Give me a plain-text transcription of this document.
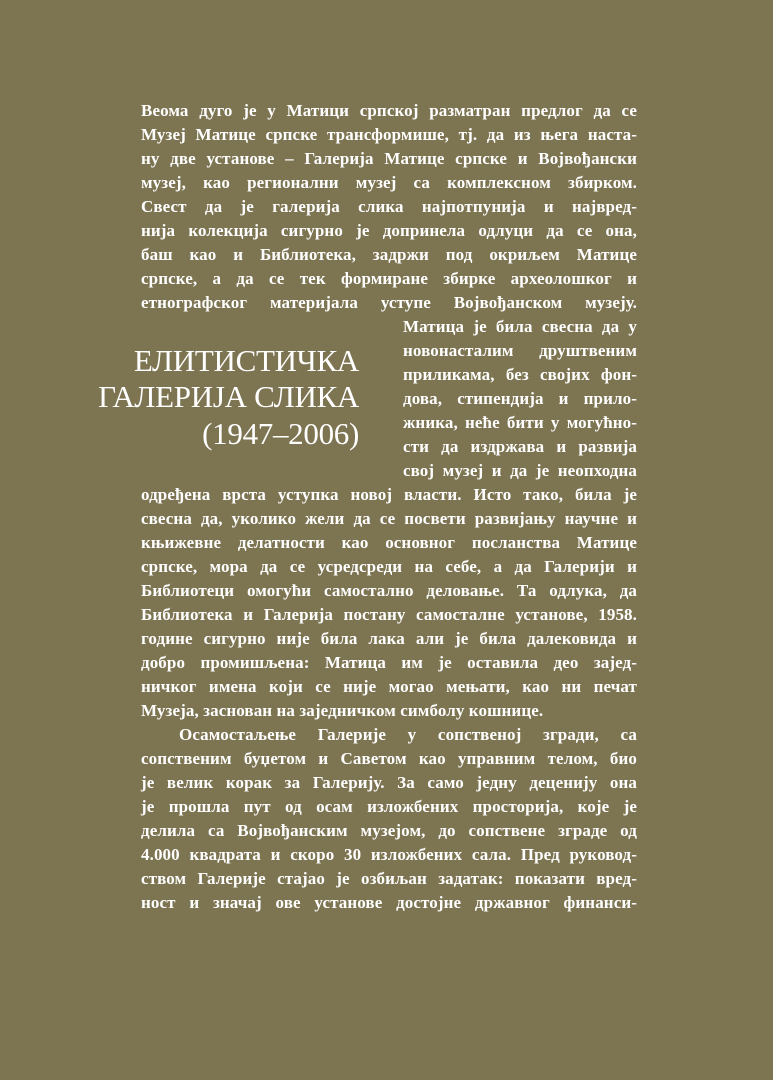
ЕЛИТИСТИЧКА
ГАЛЕРИЈА СЛИКА
(1947–2006)
Веома дуго је у Матици српској разматран предлог да се
Музеј Матице српске трансформише, тј. да из њега наста-
ну две установе – Галерија Матице српске и Војвођански
музеј, као регионални музеј са комплексном збирком.
Свест да је галерија слика најпотпунија и највред-
нија колекција сигурно је допринела одлуци да се она,
баш као и Библиотека, задржи под окриљем Матице
српске, а да се тек формиране збирке археолошког и
етнографског материјала уступе Војвођанском музеју.
Матица је била свесна да у
новонасталим друштвеним
приликама, без својих фон-
дова, стипендија и прило-
жника, неће бити у могућно-
сти да издржава и развија
свој музеј и да је неопходна
одређена врста уступка новој власти. Исто тако, била је
свесна да, уколико жели да се посвети развијању научне и
књижевне делатности као основног посланства Матице
српске, мора да се усредсреди на себе, а да Галерији и
Библиотеци омогући самостално деловање. Та одлука, да
Библиотека и Галерија постану самосталне установе, 1958.
године сигурно није била лака али је била далековида и
добро промишљена: Матица им је оставила део зајед-
ничког имена који се није могао мењати, као ни печат
Музеја, заснован на заједничком симболу кошнице.
Осамостаљење Галерије у сопственој згради, са
сопственим буџетом и Саветом као управним телом, био
је велик корак за Галерију. За само једну деценију она
је прошла пут од осам изложбених просторија, које је
делила са Војвођанским музејом, до сопствене зграде од
4.000 квадрата и скоро 30 изложбених сала. Пред руковод-
ством Галерије стајао је озбиљан задатак: показати вред-
ност и значај ове установе достојне државног финанси-
